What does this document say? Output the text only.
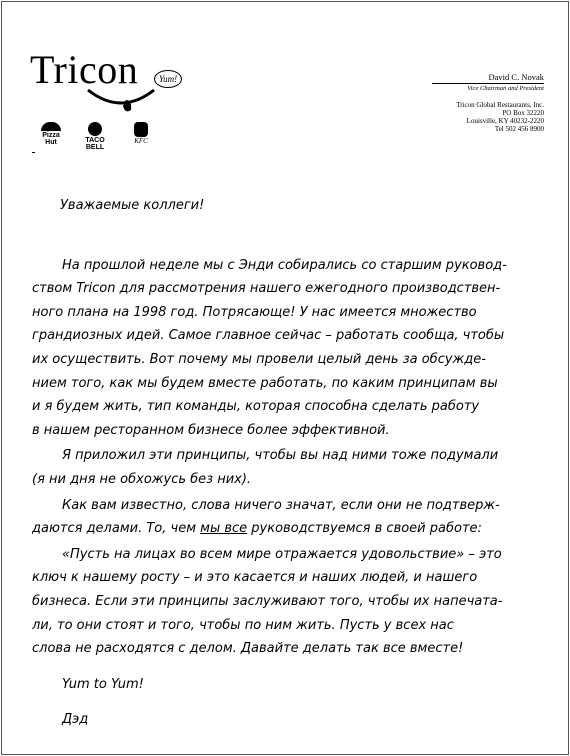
Tricon	Yum!
Pizza Hut	TACO BELL
KFC
David C. Novak
Vice Chairman and President
Tricon Global Restaurants, Inc.
PO Box 32220
Louisville, KY 40232-2220
Tel 502 456 8900
Уважаемые коллеги!
На прошлой неделе мы с Энди собирались со старшим руковод-
ством Tricon для рассмотрения нашего ежегодного производствен-
ного плана на 1998 год. Потрясающе! У нас имеется множество
грандиозных идей. Самое главное сейчас – работать сообща, чтобы
их осуществить. Вот почему мы провели целый день за обсужде-
нием того, как мы будем вместе работать, по каким принципам вы
и я будем жить, тип команды, которая способна сделать работу
в нашем ресторанном бизнесе более эффективной.
Я приложил эти принципы, чтобы вы над ними тоже подумали
(я ни дня не обхожусь без них).
Как вам известно, слова ничего значат, если они не подтверж-
даются делами. То, чем мы все руководствуемся в своей работе:
«Пусть на лицах во всем мире отражается удовольствие» – это
ключ к нашему росту – и это касается и наших людей, и нашего
бизнеса. Если эти принципы заслуживают того, чтобы их напечата-
ли, то они стоят и того, чтобы по ним жить. Пусть у всех нас
слова не расходятся с делом. Давайте делать так все вместе!
Yum to Yum!
Дэд
